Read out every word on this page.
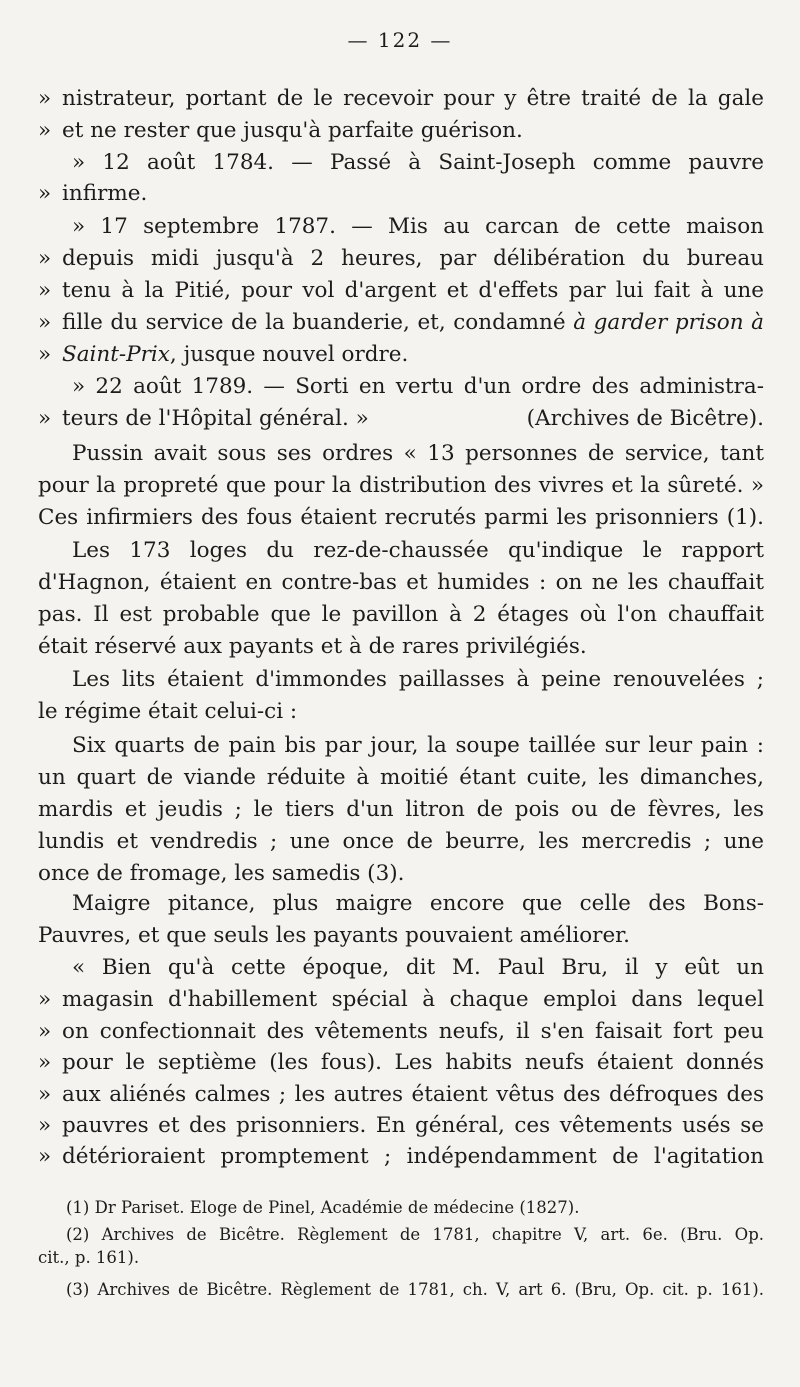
— 122 —
» nistrateur, portant de le recevoir pour y être traité de la gale
» et ne rester que jusqu'à parfaite guérison.
» 12 août 1784. — Passé à Saint-Joseph comme pauvre
» infirme.
» 17 septembre 1787. — Mis au carcan de cette maison
» depuis midi jusqu'à 2 heures, par délibération du bureau
» tenu à la Pitié, pour vol d'argent et d'effets par lui fait à une
» fille du service de la buanderie, et, condamné à garder prison à
» Saint-Prix, jusque nouvel ordre.
» 22 août 1789. — Sorti en vertu d'un ordre des administra-
» teurs de l'Hôpital général. »	(Archives de Bicêtre).
Pussin avait sous ses ordres « 13 personnes de service, tant
pour la propreté que pour la distribution des vivres et la sûreté. »
Ces infirmiers des fous étaient recrutés parmi les prisonniers (1).
Les 173 loges du rez-de-chaussée qu'indique le rapport
d'Hagnon, étaient en contre-bas et humides : on ne les chauffait
pas. Il est probable que le pavillon à 2 étages où l'on chauffait
était réservé aux payants et à de rares privilégiés.
Les lits étaient d'immondes paillasses à peine renouvelées ;
le régime était celui-ci :
Six quarts de pain bis par jour, la soupe taillée sur leur pain :
un quart de viande réduite à moitié étant cuite, les dimanches,
mardis et jeudis ; le tiers d'un litron de pois ou de fèvres, les
lundis et vendredis ; une once de beurre, les mercredis ; une
once de fromage, les samedis (3).
Maigre pitance, plus maigre encore que celle des Bons-
Pauvres, et que seuls les payants pouvaient améliorer.
« Bien qu'à cette époque, dit M. Paul Bru, il y eût un
» magasin d'habillement spécial à chaque emploi dans lequel
» on confectionnait des vêtements neufs, il s'en faisait fort peu
» pour le septième (les fous). Les habits neufs étaient donnés
» aux aliénés calmes ; les autres étaient vêtus des défroques des
» pauvres et des prisonniers. En général, ces vêtements usés se
» détérioraient promptement ; indépendamment de l'agitation
(1) Dr Pariset. Eloge de Pinel, Académie de médecine (1827).
(2) Archives de Bicêtre. Règlement de 1781, chapitre V, art. 6e. (Bru. Op.
cit., p. 161).
(3) Archives de Bicêtre. Règlement de 1781, ch. V, art 6. (Bru, Op. cit. p. 161).
